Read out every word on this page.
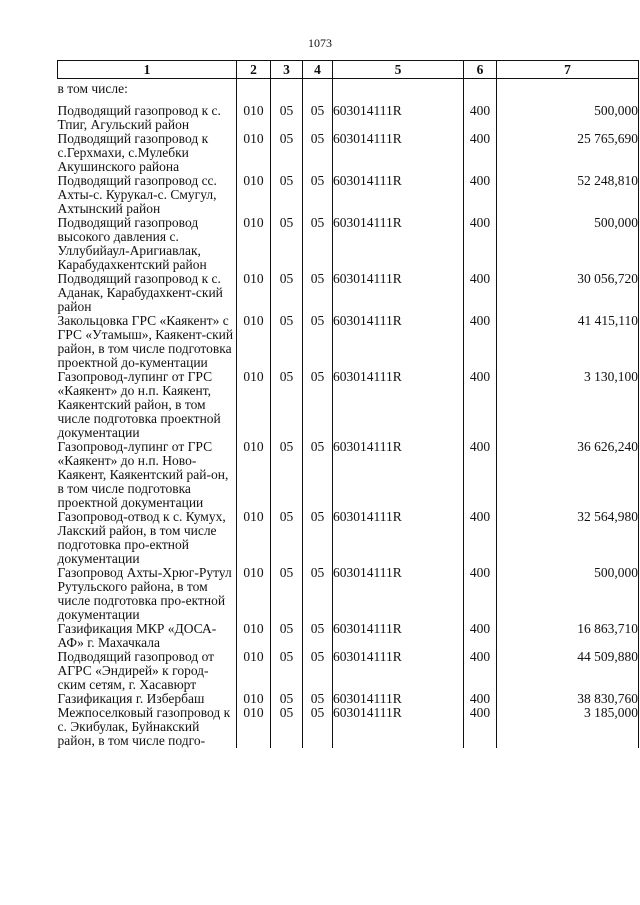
1073
1	2	3	4	5	6	7
в том числе:						
Подводящий газопровод к с. Тпиг, Агульский район	010	05	05	603014111R	400	500,000
Подводящий газопровод к с.Герхмахи, с.Мулебки Акушинского района	010	05	05	603014111R	400	25 765,690
Подводящий газопровод сс. Ахты-с. Курукал-с. Смугул, Ахтынский район	010	05	05	603014111R	400	52 248,810
Подводящий газопровод высокого давления с. Уллубийаул-Аригиавлак, Карабудахкентский район	010	05	05	603014111R	400	500,000
Подводящий газопровод к с. Аданак, Карабудахкент-ский район	010	05	05	603014111R	400	30 056,720
Закольцовка ГРС «Каякент» с ГРС «Утамыш», Каякент-ский район, в том числе подготовка проектной до-кументации	010	05	05	603014111R	400	41 415,110
Газопровод-лупинг от ГРС «Каякент» до н.п. Каякент, Каякентский район, в том числе подготовка проектной документации	010	05	05	603014111R	400	3 130,100
Газопровод-лупинг от ГРС «Каякент» до н.п. Ново-Каякент, Каякентский рай-он, в том числе подготовка проектной документации	010	05	05	603014111R	400	36 626,240
Газопровод-отвод к с. Кумух, Лакский район, в том числе подготовка про-ектной документации	010	05	05	603014111R	400	32 564,980
Газопровод Ахты-Хрюг-Рутул Рутульского района, в том числе подготовка про-ектной документации	010	05	05	603014111R	400	500,000
Газификация МКР «ДОСА-АФ» г. Махачкала	010	05	05	603014111R	400	16 863,710
Подводящий газопровод от АГРС «Эндирей» к город-ским сетям, г. Хасавюрт	010	05	05	603014111R	400	44 509,880
Газификация г. Избербаш	010	05	05	603014111R	400	38 830,760
Межпоселковый газопровод к с. Экибулак, Буйнакский район, в том числе подго-	010	05	05	603014111R	400	3 185,000
